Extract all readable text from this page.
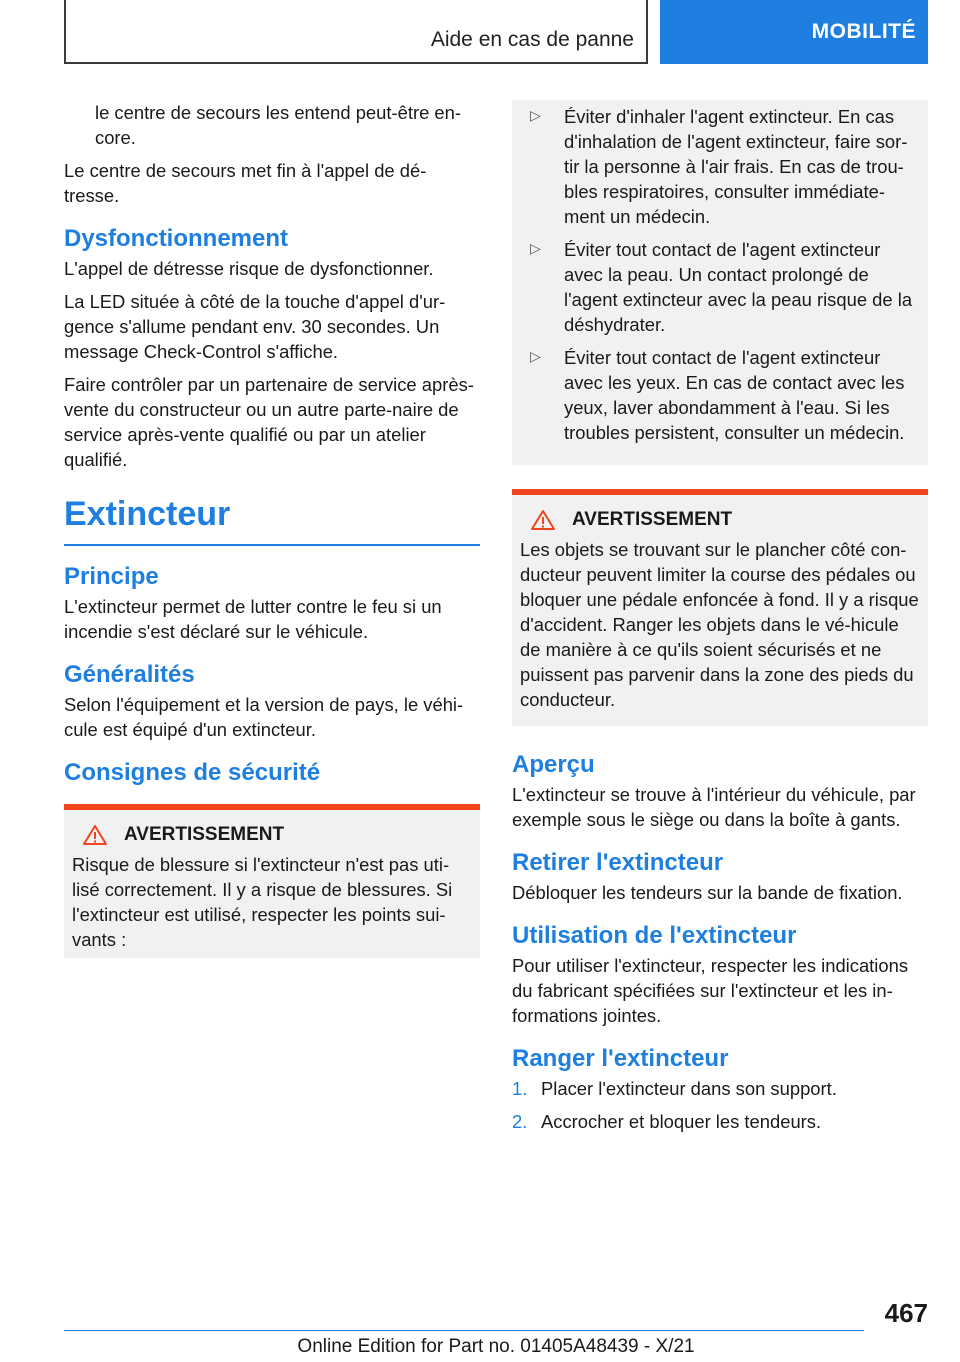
Aide en cas de panne	MOBILITÉ

le centre de secours les entend peut-être en-core.

Le centre de secours met fin à l'appel de dé-tresse.

Dysfonctionnement

L'appel de détresse risque de dysfonctionner.

La LED située à côté de la touche d'appel d'ur-gence s'allume pendant env. 30 secondes. Un message Check-Control s'affiche.

Faire contrôler par un partenaire de service après-vente du constructeur ou un autre parte-naire de service après-vente qualifié ou par un atelier qualifié.

Extincteur
Principe

L'extincteur permet de lutter contre le feu si un incendie s'est déclaré sur le véhicule.

Généralités

Selon l'équipement et la version de pays, le véhi-cule est équipé d'un extincteur.

Consignes de sécurité
AVERTISSEMENT

Risque de blessure si l'extincteur n'est pas uti-lisé correctement. Il y a risque de blessures. Si l'extincteur est utilisé, respecter les points sui-vants :

▷	Éviter d'inhaler l'agent extincteur. En cas d'inhalation de l'agent extincteur, faire sor-tir la personne à l'air frais. En cas de trou-bles respiratoires, consulter immédiate-ment un médecin.

▷	Éviter tout contact de l'agent extincteur avec la peau. Un contact prolongé de l'agent extincteur avec la peau risque de la déshydrater.

▷	Éviter tout contact de l'agent extincteur avec les yeux. En cas de contact avec les yeux, laver abondamment à l'eau. Si les troubles persistent, consulter un médecin.

AVERTISSEMENT

Les objets se trouvant sur le plancher côté con-ducteur peuvent limiter la course des pédales ou bloquer une pédale enfoncée à fond. Il y a risque d'accident. Ranger les objets dans le vé-hicule de manière à ce qu'ils soient sécurisés et ne puissent pas parvenir dans la zone des pieds du conducteur.

Aperçu

L'extincteur se trouve à l'intérieur du véhicule, par exemple sous le siège ou dans la boîte à gants.

Retirer l'extincteur

Débloquer les tendeurs sur la bande de fixation.

Utilisation de l'extincteur

Pour utiliser l'extincteur, respecter les indications du fabricant spécifiées sur l'extincteur et les in-formations jointes.

Ranger l'extincteur
1. Placer l'extincteur dans son support.

2. Accrocher et bloquer les tendeurs.

467
Online Edition for Part no. 01405A48439 - X/21
